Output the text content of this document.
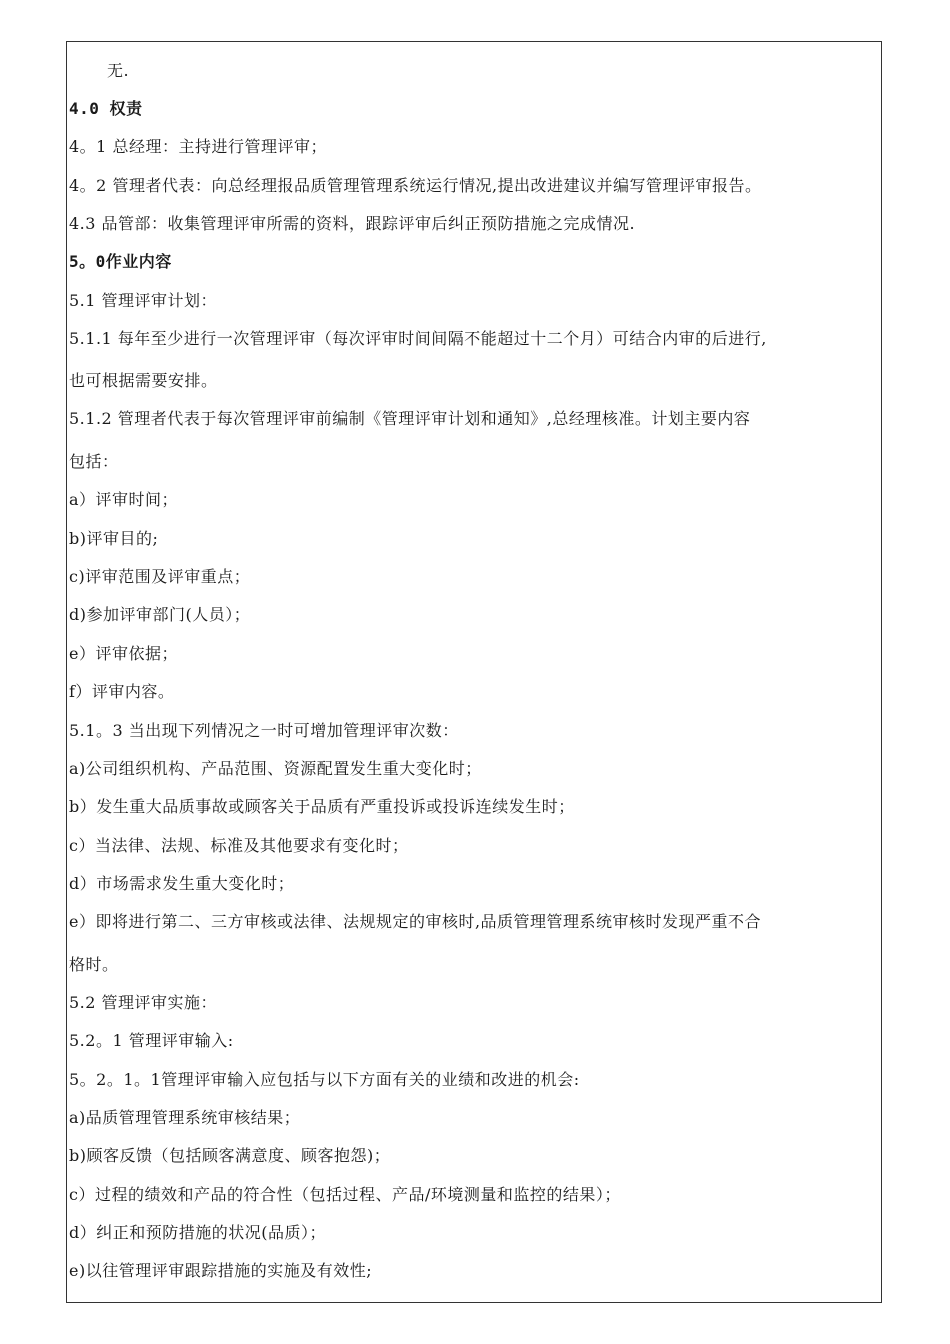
无.
4.0 权责
4。1 总经理：主持进行管理评审；
4。2 管理者代表：向总经理报品质管理管理系统运行情况,提出改进建议并编写管理评审报告。
4.3 品管部：收集管理评审所需的资料，跟踪评审后纠正预防措施之完成情况.
5。0作业内容
5.1 管理评审计划：
5.1.1 每年至少进行一次管理评审（每次评审时间间隔不能超过十二个月）可结合内审的后进行,
也可根据需要安排。
5.1.2 管理者代表于每次管理评审前编制《管理评审计划和通知》,总经理核准。计划主要内容
包括：
a）评审时间；
b)评审目的;
c)评审范围及评审重点；
d)参加评审部门(人员）；
e）评审依据；
f）评审内容。
5.1。3 当出现下列情况之一时可增加管理评审次数：
a)公司组织机构、产品范围、资源配置发生重大变化时；
b）发生重大品质事故或顾客关于品质有严重投诉或投诉连续发生时；
c）当法律、法规、标准及其他要求有变化时；
d）市场需求发生重大变化时；
e）即将进行第二、三方审核或法律、法规规定的审核时,品质管理管理系统审核时发现严重不合
格时。
5.2 管理评审实施：
5.2。1 管理评审输入:
5。2。1。1管理评审输入应包括与以下方面有关的业绩和改进的机会:
a)品质管理管理系统审核结果；
b)顾客反馈（包括顾客满意度、顾客抱怨)；
c）过程的绩效和产品的符合性（包括过程、产品/环境测量和监控的结果）；
d）纠正和预防措施的状况(品质）；
e)以往管理评审跟踪措施的实施及有效性;
